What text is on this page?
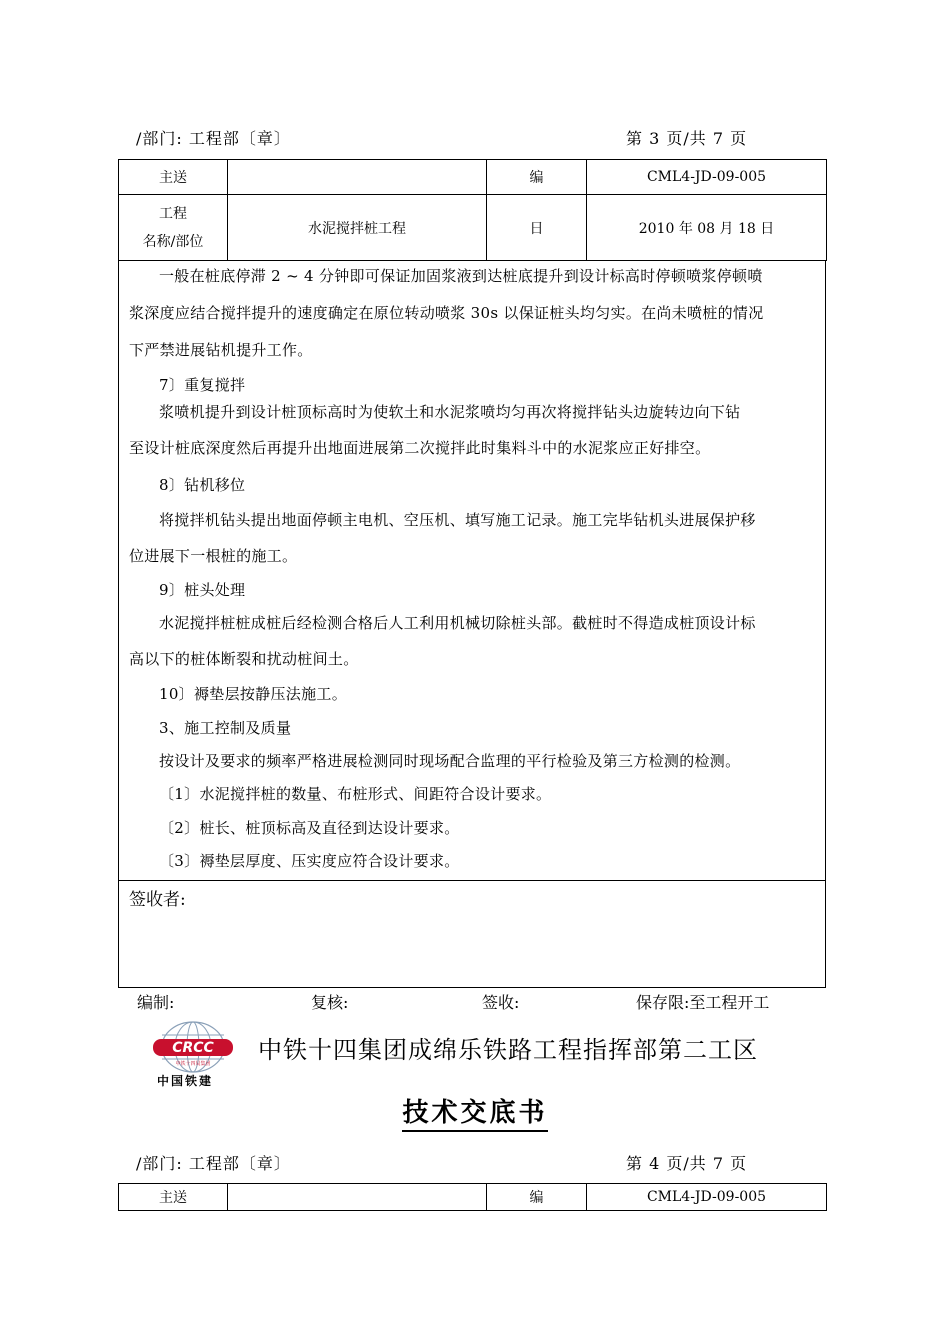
/部门: 工程部〔章〕	第 3 页/共 7 页
主送		编	CML4-JD-09-005

工程
名称/部位	水泥搅拌桩工程	日	2010 年 08 月 18 日

一般在桩底停滞 2 ~ 4 分钟即可保证加固浆液到达桩底提升到设计标高时停顿喷浆停顿喷

浆深度应结合搅拌提升的速度确定在原位转动喷浆 30s 以保证桩头均匀实。在尚未喷桩的情况

下严禁进展钻机提升工作。

7〕重复搅拌

浆喷机提升到设计桩顶标高时为使软土和水泥浆喷均匀再次将搅拌钻头边旋转边向下钻

至设计桩底深度然后再提升出地面进展第二次搅拌此时集料斗中的水泥浆应正好排空。

8〕钻机移位

将搅拌机钻头提出地面停顿主电机、空压机、填写施工记录。施工完毕钻机头进展保护移

位进展下一根桩的施工。

9〕桩头处理

水泥搅拌桩桩成桩后经检测合格后人工利用机械切除桩头部。截桩时不得造成桩顶设计标

高以下的桩体断裂和扰动桩间土。

10〕褥垫层按静压法施工。

3、施工控制及质量

按设计及要求的频率严格进展检测同时现场配合监理的平行检验及第三方检测的检测。

〔1〕水泥搅拌桩的数量、布桩形式、间距符合设计要求。

〔2〕桩长、桩顶标高及直径到达设计要求。

〔3〕褥垫层厚度、压实度应符合设计要求。

签收者:
编制:	复核:	签收:	保存限:至工程开工
CRCC
中铁十四局集团
中国铁建
中铁十四集团成绵乐铁路工程指挥部第二工区
技术交底书
/部门: 工程部〔章〕	第 4 页/共 7 页
主送		编	CML4-JD-09-005
